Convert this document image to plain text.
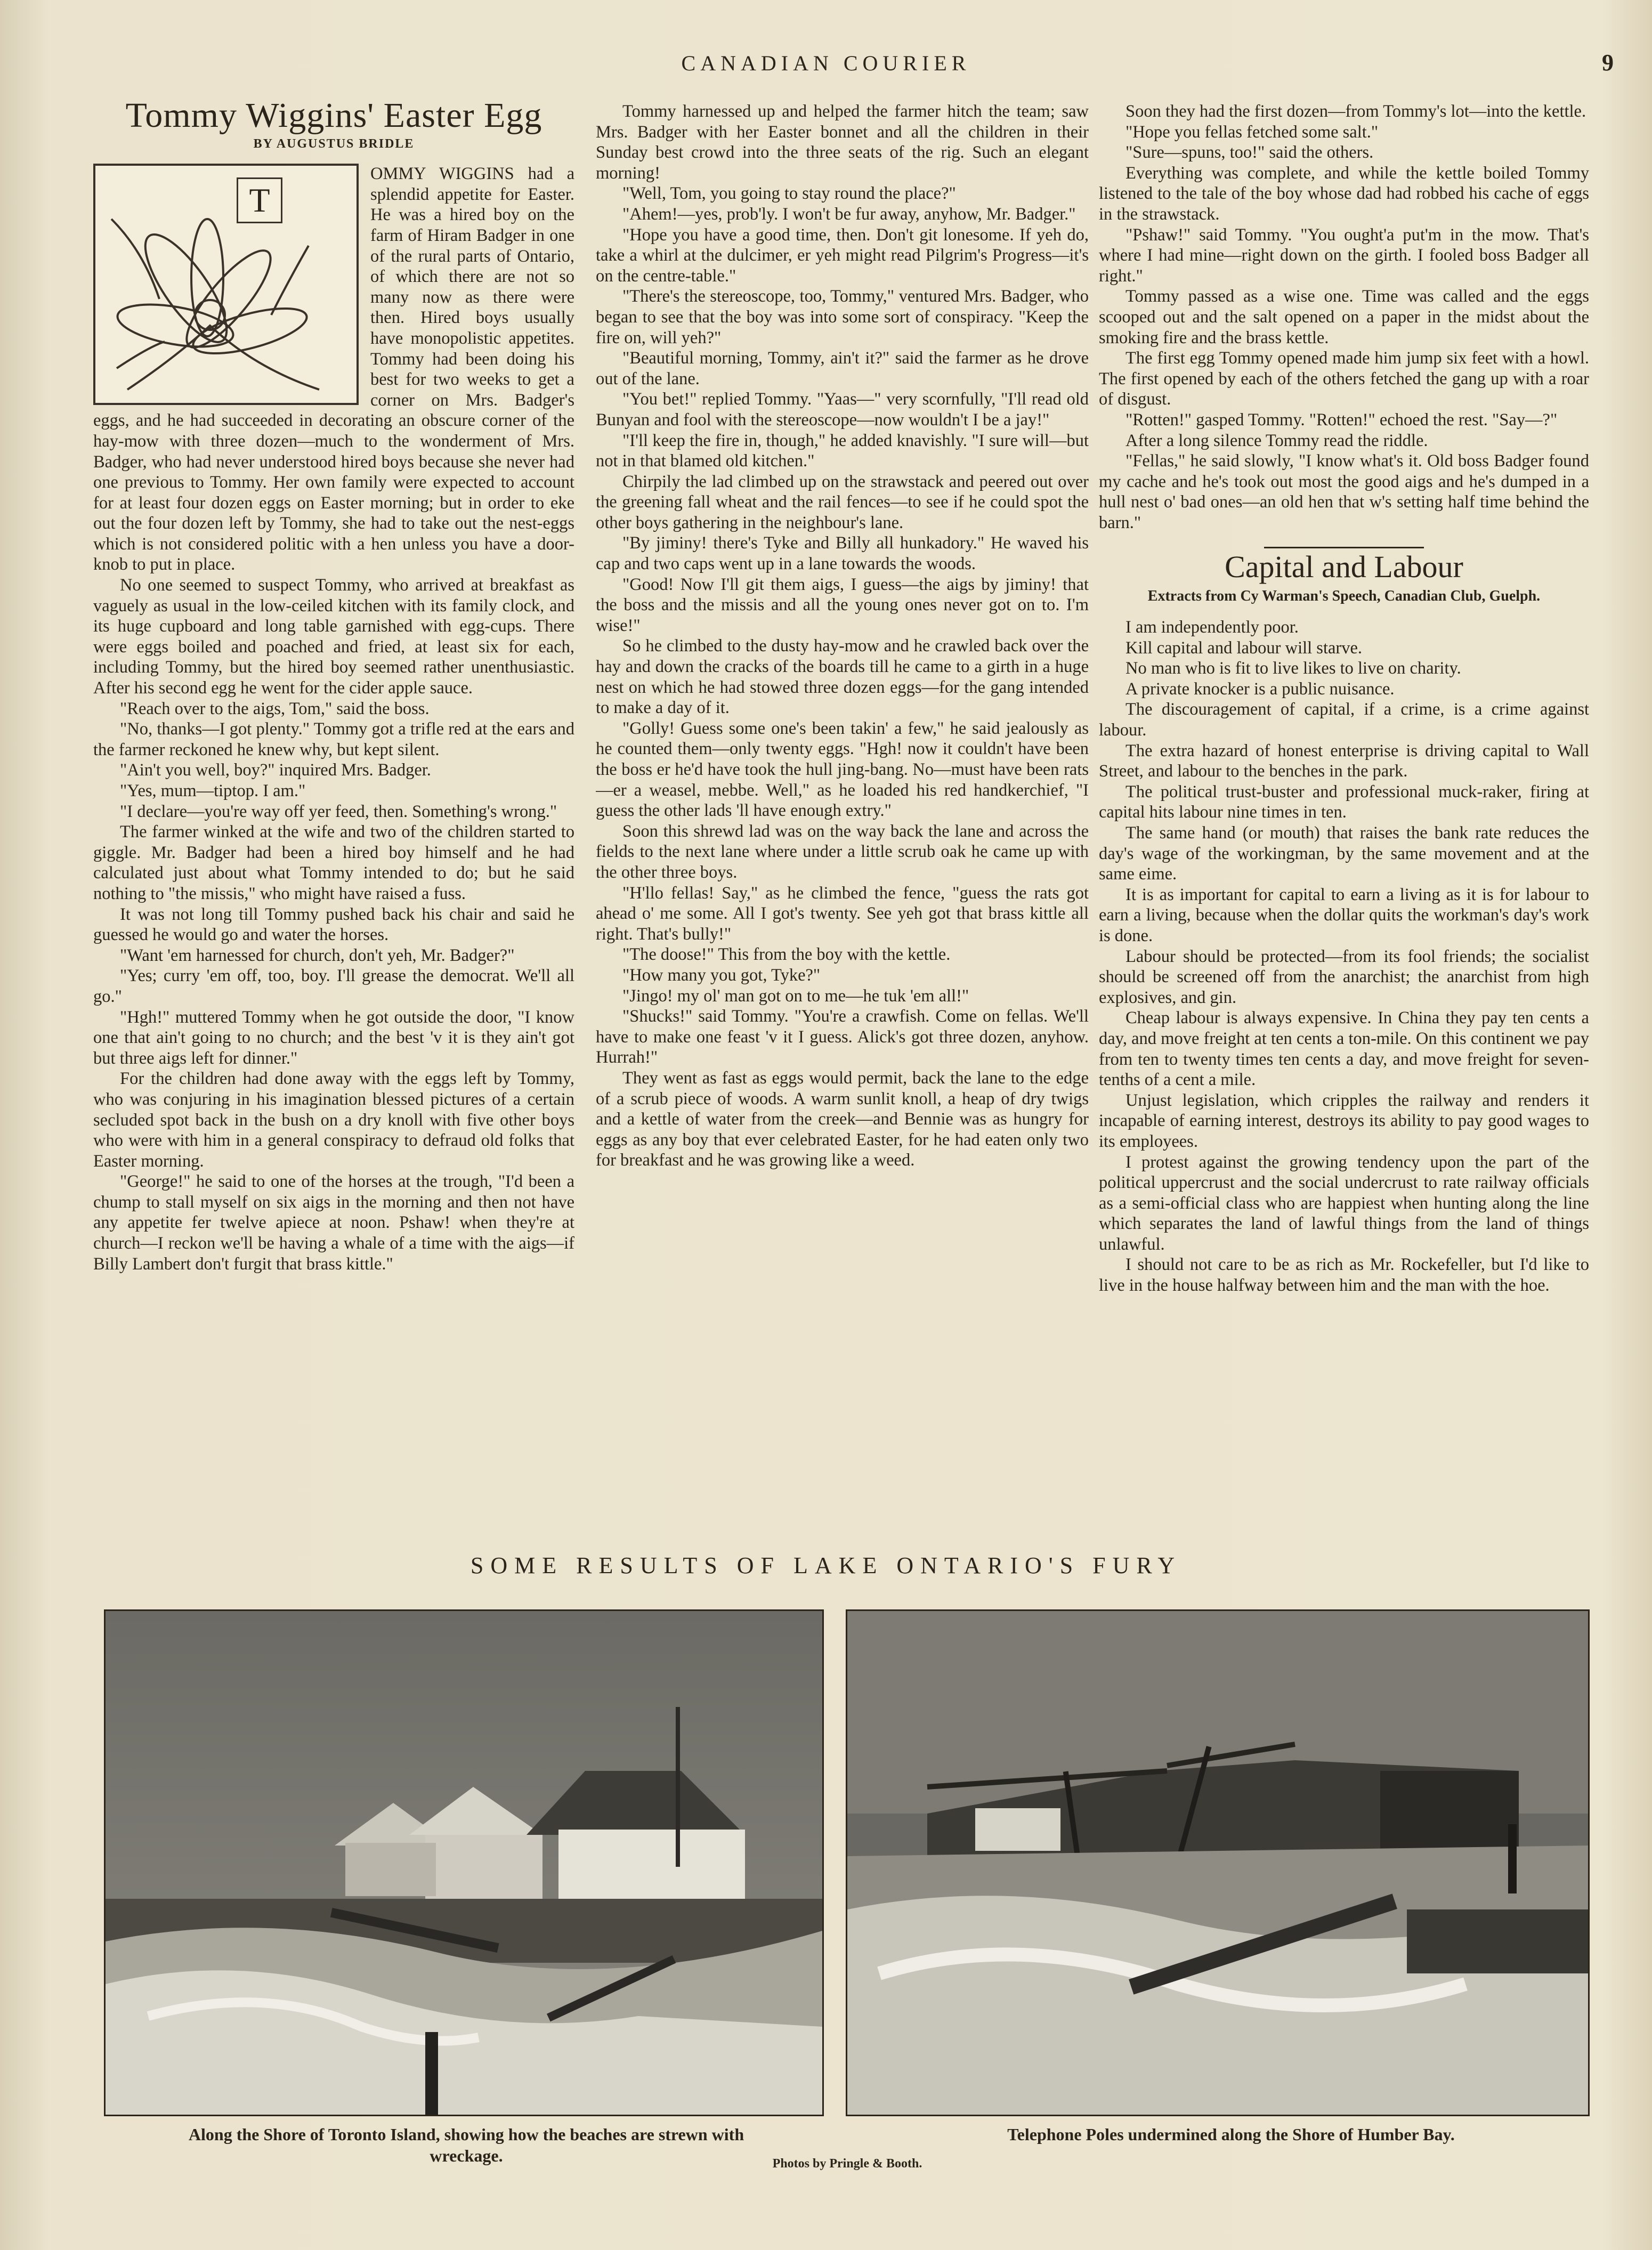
CANADIAN COURIER	9
Tommy Wiggins' Easter Egg
BY AUGUSTUS BRIDLE
T

OMMY WIGGINS had a splendid appetite for Easter. He was a hired boy on the farm of Hiram Badger in one of the rural parts of Ontario, of which there are not so many now as there were then. Hired boys usually have monopolistic appetites. Tommy had been doing his best for two weeks to get a corner on Mrs. Badger's eggs, and he had succeeded in decorating an obscure corner of the hay-mow with three dozen—much to the wonderment of Mrs. Badger, who had never understood hired boys because she never had one previous to Tommy. Her own family were expected to account for at least four dozen eggs on Easter morning; but in order to eke out the four dozen left by Tommy, she had to take out the nest-eggs which is not considered politic with a hen unless you have a door-knob to put in place.

No one seemed to suspect Tommy, who arrived at breakfast as vaguely as usual in the low-ceiled kitchen with its family clock, and its huge cupboard and long table garnished with egg-cups. There were eggs boiled and poached and fried, at least six for each, including Tommy, but the hired boy seemed rather unenthusiastic. After his second egg he went for the cider apple sauce.

"Reach over to the aigs, Tom," said the boss.

"No, thanks—I got plenty." Tommy got a trifle red at the ears and the farmer reckoned he knew why, but kept silent.

"Ain't you well, boy?" inquired Mrs. Badger.

"Yes, mum—tiptop. I am."

"I declare—you're way off yer feed, then. Something's wrong."

The farmer winked at the wife and two of the children started to giggle. Mr. Badger had been a hired boy himself and he had calculated just about what Tommy intended to do; but he said nothing to "the missis," who might have raised a fuss.

It was not long till Tommy pushed back his chair and said he guessed he would go and water the horses.

"Want 'em harnessed for church, don't yeh, Mr. Badger?"

"Yes; curry 'em off, too, boy. I'll grease the democrat. We'll all go."

"Hgh!" muttered Tommy when he got outside the door, "I know one that ain't going to no church; and the best 'v it is they ain't got but three aigs left for dinner."

For the children had done away with the eggs left by Tommy, who was conjuring in his imagination blessed pictures of a certain secluded spot back in the bush on a dry knoll with five other boys who were with him in a general conspiracy to defraud old folks that Easter morning.

"George!" he said to one of the horses at the trough, "I'd been a chump to stall myself on six aigs in the morning and then not have any appetite fer twelve apiece at noon. Pshaw! when they're at church—I reckon we'll be having a whale of a time with the aigs—if Billy Lambert don't furgit that brass kittle."

Tommy harnessed up and helped the farmer hitch the team; saw Mrs. Badger with her Easter bonnet and all the children in their Sunday best crowd into the three seats of the rig. Such an elegant morning!

"Well, Tom, you going to stay round the place?"

"Ahem!—yes, prob'ly. I won't be fur away, anyhow, Mr. Badger."

"Hope you have a good time, then. Don't git lonesome. If yeh do, take a whirl at the dulcimer, er yeh might read Pilgrim's Progress—it's on the centre-table."

"There's the stereoscope, too, Tommy," ventured Mrs. Badger, who began to see that the boy was into some sort of conspiracy. "Keep the fire on, will yeh?"

"Beautiful morning, Tommy, ain't it?" said the farmer as he drove out of the lane.

"You bet!" replied Tommy. "Yaas—" very scornfully, "I'll read old Bunyan and fool with the stereoscope—now wouldn't I be a jay!"

"I'll keep the fire in, though," he added knavishly. "I sure will—but not in that blamed old kitchen."

Chirpily the lad climbed up on the strawstack and peered out over the greening fall wheat and the rail fences—to see if he could spot the other boys gathering in the neighbour's lane.

"By jiminy! there's Tyke and Billy all hunkadory." He waved his cap and two caps went up in a lane towards the woods.

"Good! Now I'll git them aigs, I guess—the aigs by jiminy! that the boss and the missis and all the young ones never got on to. I'm wise!"

So he climbed to the dusty hay-mow and he crawled back over the hay and down the cracks of the boards till he came to a girth in a huge nest on which he had stowed three dozen eggs—for the gang intended to make a day of it.

"Golly! Guess some one's been takin' a few," he said jealously as he counted them—only twenty eggs. "Hgh! now it couldn't have been the boss er he'd have took the hull jing-bang. No—must have been rats—er a weasel, mebbe. Well," as he loaded his red handkerchief, "I guess the other lads 'll have enough extry."

Soon this shrewd lad was on the way back the lane and across the fields to the next lane where under a little scrub oak he came up with the other three boys.

"H'llo fellas! Say," as he climbed the fence, "guess the rats got ahead o' me some. All I got's twenty. See yeh got that brass kittle all right. That's bully!"

"The doose!" This from the boy with the kettle.

"How many you got, Tyke?"

"Jingo! my ol' man got on to me—he tuk 'em all!"

"Shucks!" said Tommy. "You're a crawfish. Come on fellas. We'll have to make one feast 'v it I guess. Alick's got three dozen, anyhow. Hurrah!"

They went as fast as eggs would permit, back the lane to the edge of a scrub piece of woods. A warm sunlit knoll, a heap of dry twigs and a kettle of water from the creek—and Bennie was as hungry for eggs as any boy that ever celebrated Easter, for he had eaten only two for breakfast and he was growing like a weed.

Soon they had the first dozen—from Tommy's lot—into the kettle.

"Hope you fellas fetched some salt."

"Sure—spuns, too!" said the others.

Everything was complete, and while the kettle boiled Tommy listened to the tale of the boy whose dad had robbed his cache of eggs in the strawstack.

"Pshaw!" said Tommy. "You ought'a put'm in the mow. That's where I had mine—right down on the girth. I fooled boss Badger all right."

Tommy passed as a wise one. Time was called and the eggs scooped out and the salt opened on a paper in the midst about the smoking fire and the brass kettle.

The first egg Tommy opened made him jump six feet with a howl. The first opened by each of the others fetched the gang up with a roar of disgust.

"Rotten!" gasped Tommy. "Rotten!" echoed the rest. "Say—?"

After a long silence Tommy read the riddle.

"Fellas," he said slowly, "I know what's it. Old boss Badger found my cache and he's took out most the good aigs and he's dumped in a hull nest o' bad ones—an old hen that w's setting half time behind the barn."

Capital and Labour
Extracts from Cy Warman's Speech, Canadian Club, Guelph.

I am independently poor.

Kill capital and labour will starve.

No man who is fit to live likes to live on charity.

A private knocker is a public nuisance.

The discouragement of capital, if a crime, is a crime against labour.

The extra hazard of honest enterprise is driving capital to Wall Street, and labour to the benches in the park.

The political trust-buster and professional muck-raker, firing at capital hits labour nine times in ten.

The same hand (or mouth) that raises the bank rate reduces the day's wage of the workingman, by the same movement and at the same eime.

It is as important for capital to earn a living as it is for labour to earn a living, because when the dollar quits the workman's day's work is done.

Labour should be protected—from its fool friends; the socialist should be screened off from the anarchist; the anarchist from high explosives, and gin.

Cheap labour is always expensive. In China they pay ten cents a day, and move freight at ten cents a ton-mile. On this continent we pay from ten to twenty times ten cents a day, and move freight for seven-tenths of a cent a mile.

Unjust legislation, which cripples the railway and renders it incapable of earning interest, destroys its ability to pay good wages to its employees.

I protest against the growing tendency upon the part of the political uppercrust and the social undercrust to rate railway officials as a semi-official class who are happiest when hunting along the line which separates the land of lawful things from the land of things unlawful.

I should not care to be as rich as Mr. Rockefeller, but I'd like to live in the house halfway between him and the man with the hoe.

SOME RESULTS OF LAKE ONTARIO'S FURY
Along the Shore of Toronto Island, showing how the beaches are strewn with wreckage.
Telephone Poles undermined along the Shore of Humber Bay.
Photos by Pringle & Booth.
